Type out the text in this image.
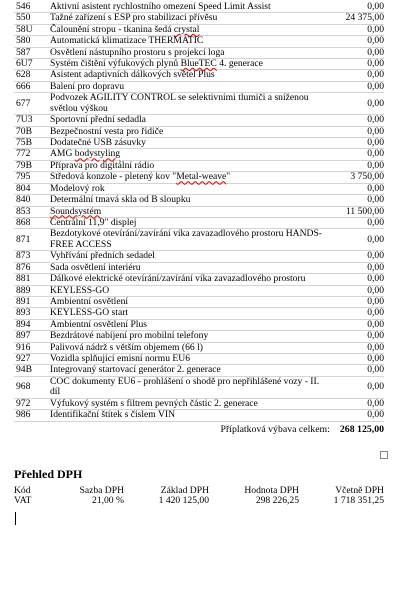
546	Aktivní asistent rychlostního omezení Speed Limit Assist	0,00
550	Tažné zařízení s ESP pro stabilizaci přívěsu	24 375,00
58U	Čalounění stropu - tkanina šedá crystal	0,00
580	Automatická klimatizace THERMATIC	0,00
587	Osvětlení nástupního prostoru s projekcí loga	0,00
6U7	Systém čištění výfukových plynů BlueTEC 4. generace	0,00
628	Asistent adaptivních dálkových světel Plus	0,00
666	Balení pro dopravu	0,00
677	Podvozek AGILITY CONTROL se selektivními tlumiči a sníženou světlou výškou	0,00
7U3	Sportovní přední sedadla	0,00
70B	Bezpečnostní vesta pro řidiče	0,00
75B	Dodatečné USB zásuvky	0,00
772	AMG bodystyling	0,00
79B	Příprava pro digitální rádio	0,00
795	Středová konzole - pletený kov "Metal-weave"	3 750,00
804	Modelový rok	0,00
840	Determální tmavá skla od B sloupku	0,00
853	Soundsystém	11 500,00
868	Centrální 11,9" displej	0,00
871	Bezdotykové otevírání/zavírání víka zavazadlového prostoru HANDS-FREE ACCESS	0,00
873	Vyhřívání předních sedadel	0,00
876	Sada osvětlení interiéru	0,00
881	Dálkové elektrické otevírání/zavírání víka zavazadlového prostoru	0,00
889	KEYLESS-GO	0,00
891	Ambientní osvětlení	0,00
893	KEYLESS-GO start	0,00
894	Ambientní osvětlení Plus	0,00
897	Bezdrátové nabíjení pro mobilní telefony	0,00
916	Palivová nádrž s větším objemem (66 l)	0,00
927	Vozidla splňující emisní normu EU6	0,00
94B	Integrovaný startovací generátor 2. generace	0,00
968	COC dokumenty EU6 - prohlášení o shodě pro nepřihlášené vozy - II. díl	0,00
972	Výfukový systém s filtrem pevných částic 2. generace	0,00
986	Identifikační štítek s číslem VIN	0,00
Příplatková výbava celkem: 268 125,00
Přehled DPH
Kód	Sazba DPH	Základ DPH	Hodnota DPH	Včetně DPH
VAT	21,00 %	1 420 125,00	298 226,25	1 718 351,25
